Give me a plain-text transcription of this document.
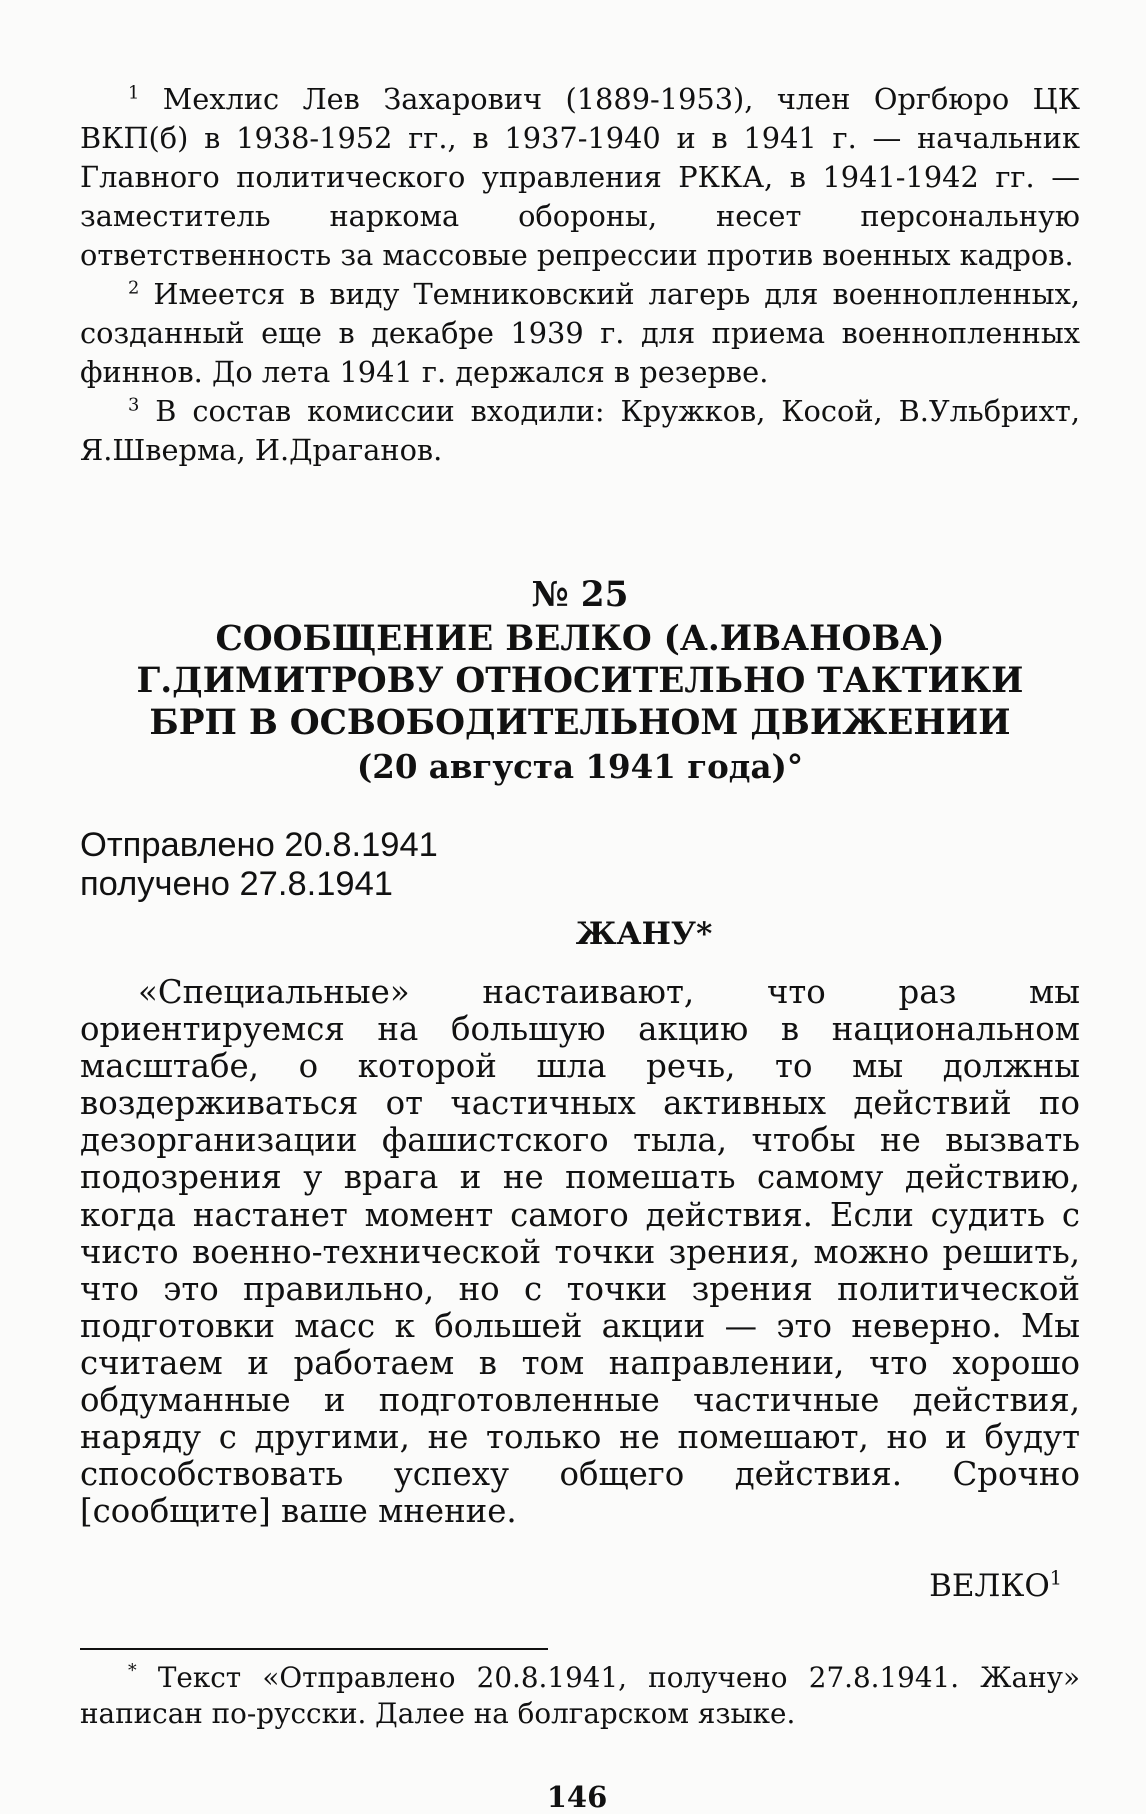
$^1$ Мехлис Лев Захарович (1889-1953), член Оргбюро ЦК ВКП(б) в 1938-1952 гг., в 1937-1940 и в 1941 г. — начальник Главного политического управления РККА, в 1941-1942 гг. — заместитель наркома обороны, несет персональную ответственность за массовые репрессии против военных кадров.

$^2$ Имеется в виду Темниковский лагерь для военнопленных, созданный еще в декабре 1939 г. для приема военнопленных финнов. До лета 1941 г. держался в резерве.

$^3$ В состав комиссии входили: Кружков, Косой, В.Ульбрихт, Я.Шверма, И.Драганов.

№ 25
СООБЩЕНИЕ ВЕЛКО (А.ИВАНОВА) Г.ДИМИТРОВУ ОТНОСИТЕЛЬНО ТАКТИКИ БРП В ОСВОБОДИТЕЛЬНОМ ДВИЖЕНИИ
(20 августа 1941 года)°
Отправлено 20.8.1941
получено 27.8.1941
ЖАНУ*

«Специальные» настаивают, что раз мы ориентируемся на большую акцию в национальном масштабе, о которой шла речь, то мы должны воздерживаться от частичных активных действий по дезорганизации фашистского тыла, чтобы не вызвать подозрения у врага и не помешать самому действию, когда настанет момент самого действия. Если судить с чисто военно-технической точки зрения, можно решить, что это правильно, но с точки зрения политической подготовки масс к большей акции — это неверно. Мы считаем и работаем в том направлении, что хорошо обдуманные и подготовленные частичные действия, наряду с другими, не только не помешают, но и будут способствовать успеху общего действия. Срочно [сообщите] ваше мнение.

ВЕЛКО$^1$

* Текст «Отправлено 20.8.1941, получено 27.8.1941. Жану» написан по-русски. Далее на болгарском языке.

146
